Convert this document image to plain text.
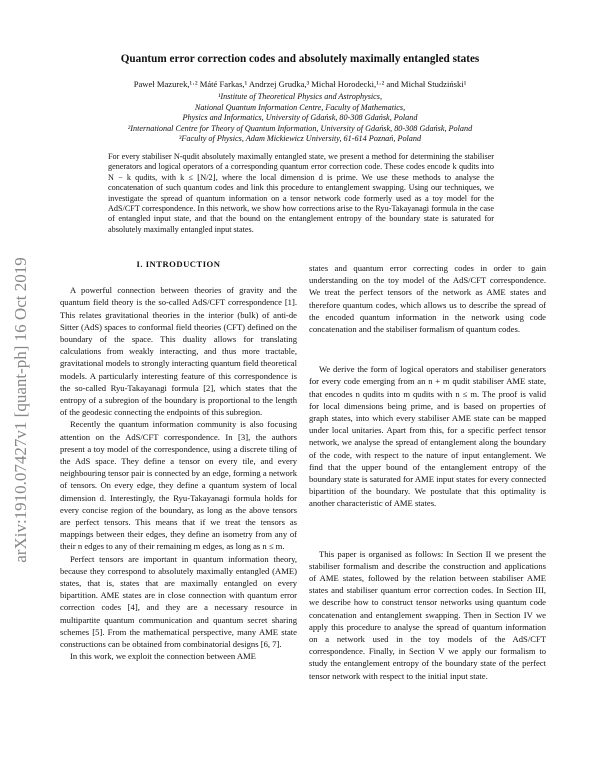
arXiv:1910.07427v1 [quant-ph] 16 Oct 2019
Quantum error correction codes and absolutely maximally entangled states
Paweł Mazurek,¹·² Máté Farkas,¹ Andrzej Grudka,³ Michał Horodecki,¹·² and Michał Studziński¹
¹Institute of Theoretical Physics and Astrophysics,
National Quantum Information Centre, Faculty of Mathematics,
Physics and Informatics, University of Gdańsk, 80-308 Gdańsk, Poland
²International Centre for Theory of Quantum Information, University of Gdańsk, 80-308 Gdańsk, Poland
³Faculty of Physics, Adam Mickiewicz University, 61-614 Poznań, Poland
For every stabiliser N-qudit absolutely maximally entangled state, we present a method for determining the stabiliser generators and logical operators of a corresponding quantum error correction code. These codes encode k qudits into N − k qudits, with k ≤ ⌊N/2⌋, where the local dimension d is prime. We use these methods to analyse the concatenation of such quantum codes and link this procedure to entanglement swapping. Using our techniques, we investigate the spread of quantum information on a tensor network code formerly used as a toy model for the AdS/CFT correspondence. In this network, we show how corrections arise to the Ryu-Takayanagi formula in the case of entangled input state, and that the bound on the entanglement entropy of the boundary state is saturated for absolutely maximally entangled input states.
I. INTRODUCTION

A powerful connection between theories of gravity and the quantum field theory is the so-called AdS/CFT correspondence [1]. This relates gravitational theories in the interior (bulk) of anti-de Sitter (AdS) spaces to conformal field theories (CFT) defined on the boundary of the space. This duality allows for translating calculations from weakly interacting, and thus more tractable, gravitational models to strongly interacting quantum field theoretical models. A particularly interesting feature of this correspondence is the so-called Ryu-Takayanagi formula [2], which states that the entropy of a subregion of the boundary is proportional to the length of the geodesic connecting the endpoints of this subregion.

Recently the quantum information community is also focusing attention on the AdS/CFT correspondence. In [3], the authors present a toy model of the correspondence, using a discrete tiling of the AdS space. They define a tensor on every tile, and every neighbouring tensor pair is connected by an edge, forming a network of tensors. On every edge, they define a quantum system of local dimension d. Interestingly, the Ryu-Takayanagi formula holds for every concise region of the boundary, as long as the above tensors are perfect tensors. This means that if we treat the tensors as mappings between their edges, they define an isometry from any of their n edges to any of their remaining m edges, as long as n ≤ m.

Perfect tensors are important in quantum information theory, because they correspond to absolutely maximally entangled (AME) states, that is, states that are maximally entangled on every bipartition. AME states are in close connection with quantum error correction codes [4], and they are a necessary resource in multipartite quantum communication and quantum secret sharing schemes [5]. From the mathematical perspective, many AME state constructions can be obtained from combinatorial designs [6, 7].

In this work, we exploit the connection between AME

states and quantum error correcting codes in order to gain understanding on the toy model of the AdS/CFT correspondence. We treat the perfect tensors of the network as AME states and therefore quantum codes, which allows us to describe the spread of the encoded quantum information in the network using code concatenation and the stabiliser formalism of quantum codes.

We derive the form of logical operators and stabiliser generators for every code emerging from an n + m qudit stabiliser AME state, that encodes n qudits into m qudits with n ≤ m. The proof is valid for local dimensions being prime, and is based on properties of graph states, into which every stabiliser AME state can be mapped under local unitaries. Apart from this, for a specific perfect tensor network, we analyse the spread of entanglement along the boundary of the code, with respect to the nature of input entanglement. We find that the upper bound of the entanglement entropy of the boundary state is saturated for AME input states for every connected bipartition of the boundary. We postulate that this optimality is another characteristic of AME states.

This paper is organised as follows: In Section II we present the stabiliser formalism and describe the construction and applications of AME states, followed by the relation between stabiliser AME states and stabiliser quantum error correction codes. In Section III, we describe how to construct tensor networks using quantum code concatenation and entanglement swapping. Then in Section IV we apply this procedure to analyse the spread of quantum information on a network used in the toy models of the AdS/CFT correspondence. Finally, in Section V we apply our formalism to study the entanglement entropy of the boundary state of the perfect tensor network with respect to the initial input state.
